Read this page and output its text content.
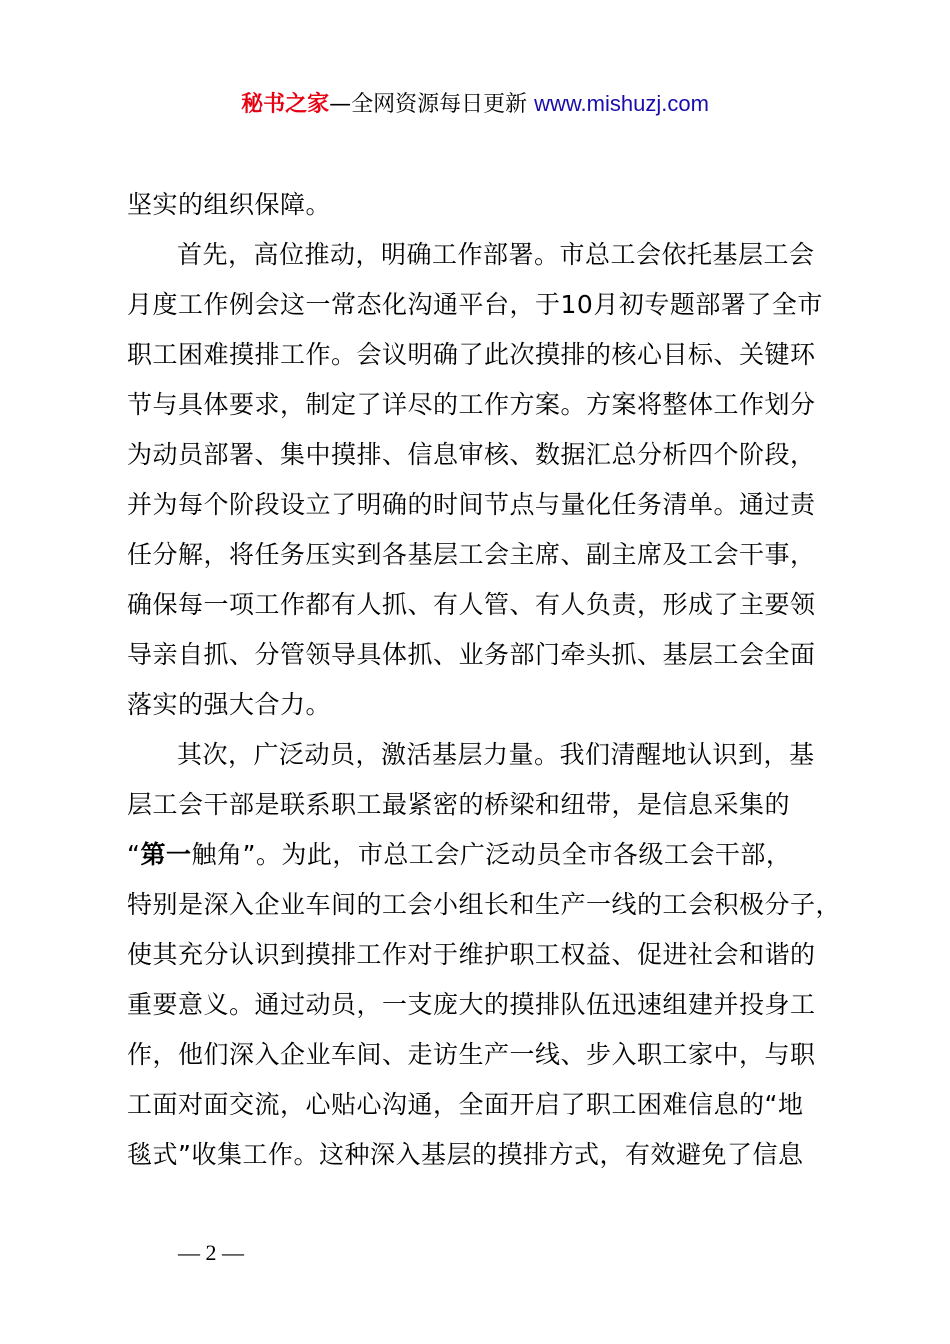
秘书之家—全网资源每日更新 www.mishuzj.com
坚实的组织保障。
首先，高位推动，明确工作部署。市总工会依托基层工会
月度工作例会这一常态化沟通平台，于10月初专题部署了全市
职工困难摸排工作。会议明确了此次摸排的核心目标、关键环
节与具体要求，制定了详尽的工作方案。方案将整体工作划分
为动员部署、集中摸排、信息审核、数据汇总分析四个阶段，
并为每个阶段设立了明确的时间节点与量化任务清单。通过责
任分解，将任务压实到各基层工会主席、副主席及工会干事，
确保每一项工作都有人抓、有人管、有人负责，形成了主要领
导亲自抓、分管领导具体抓、业务部门牵头抓、基层工会全面
落实的强大合力。
其次，广泛动员，激活基层力量。我们清醒地认识到，基
层工会干部是联系职工最紧密的桥梁和纽带，是信息采集的
“第一触角”。为此，市总工会广泛动员全市各级工会干部，
特别是深入企业车间的工会小组长和生产一线的工会积极分子，
使其充分认识到摸排工作对于维护职工权益、促进社会和谐的
重要意义。通过动员，一支庞大的摸排队伍迅速组建并投身工
作，他们深入企业车间、走访生产一线、步入职工家中，与职
工面对面交流，心贴心沟通，全面开启了职工困难信息的“地
毯式”收集工作。这种深入基层的摸排方式，有效避免了信息
— 2 —
